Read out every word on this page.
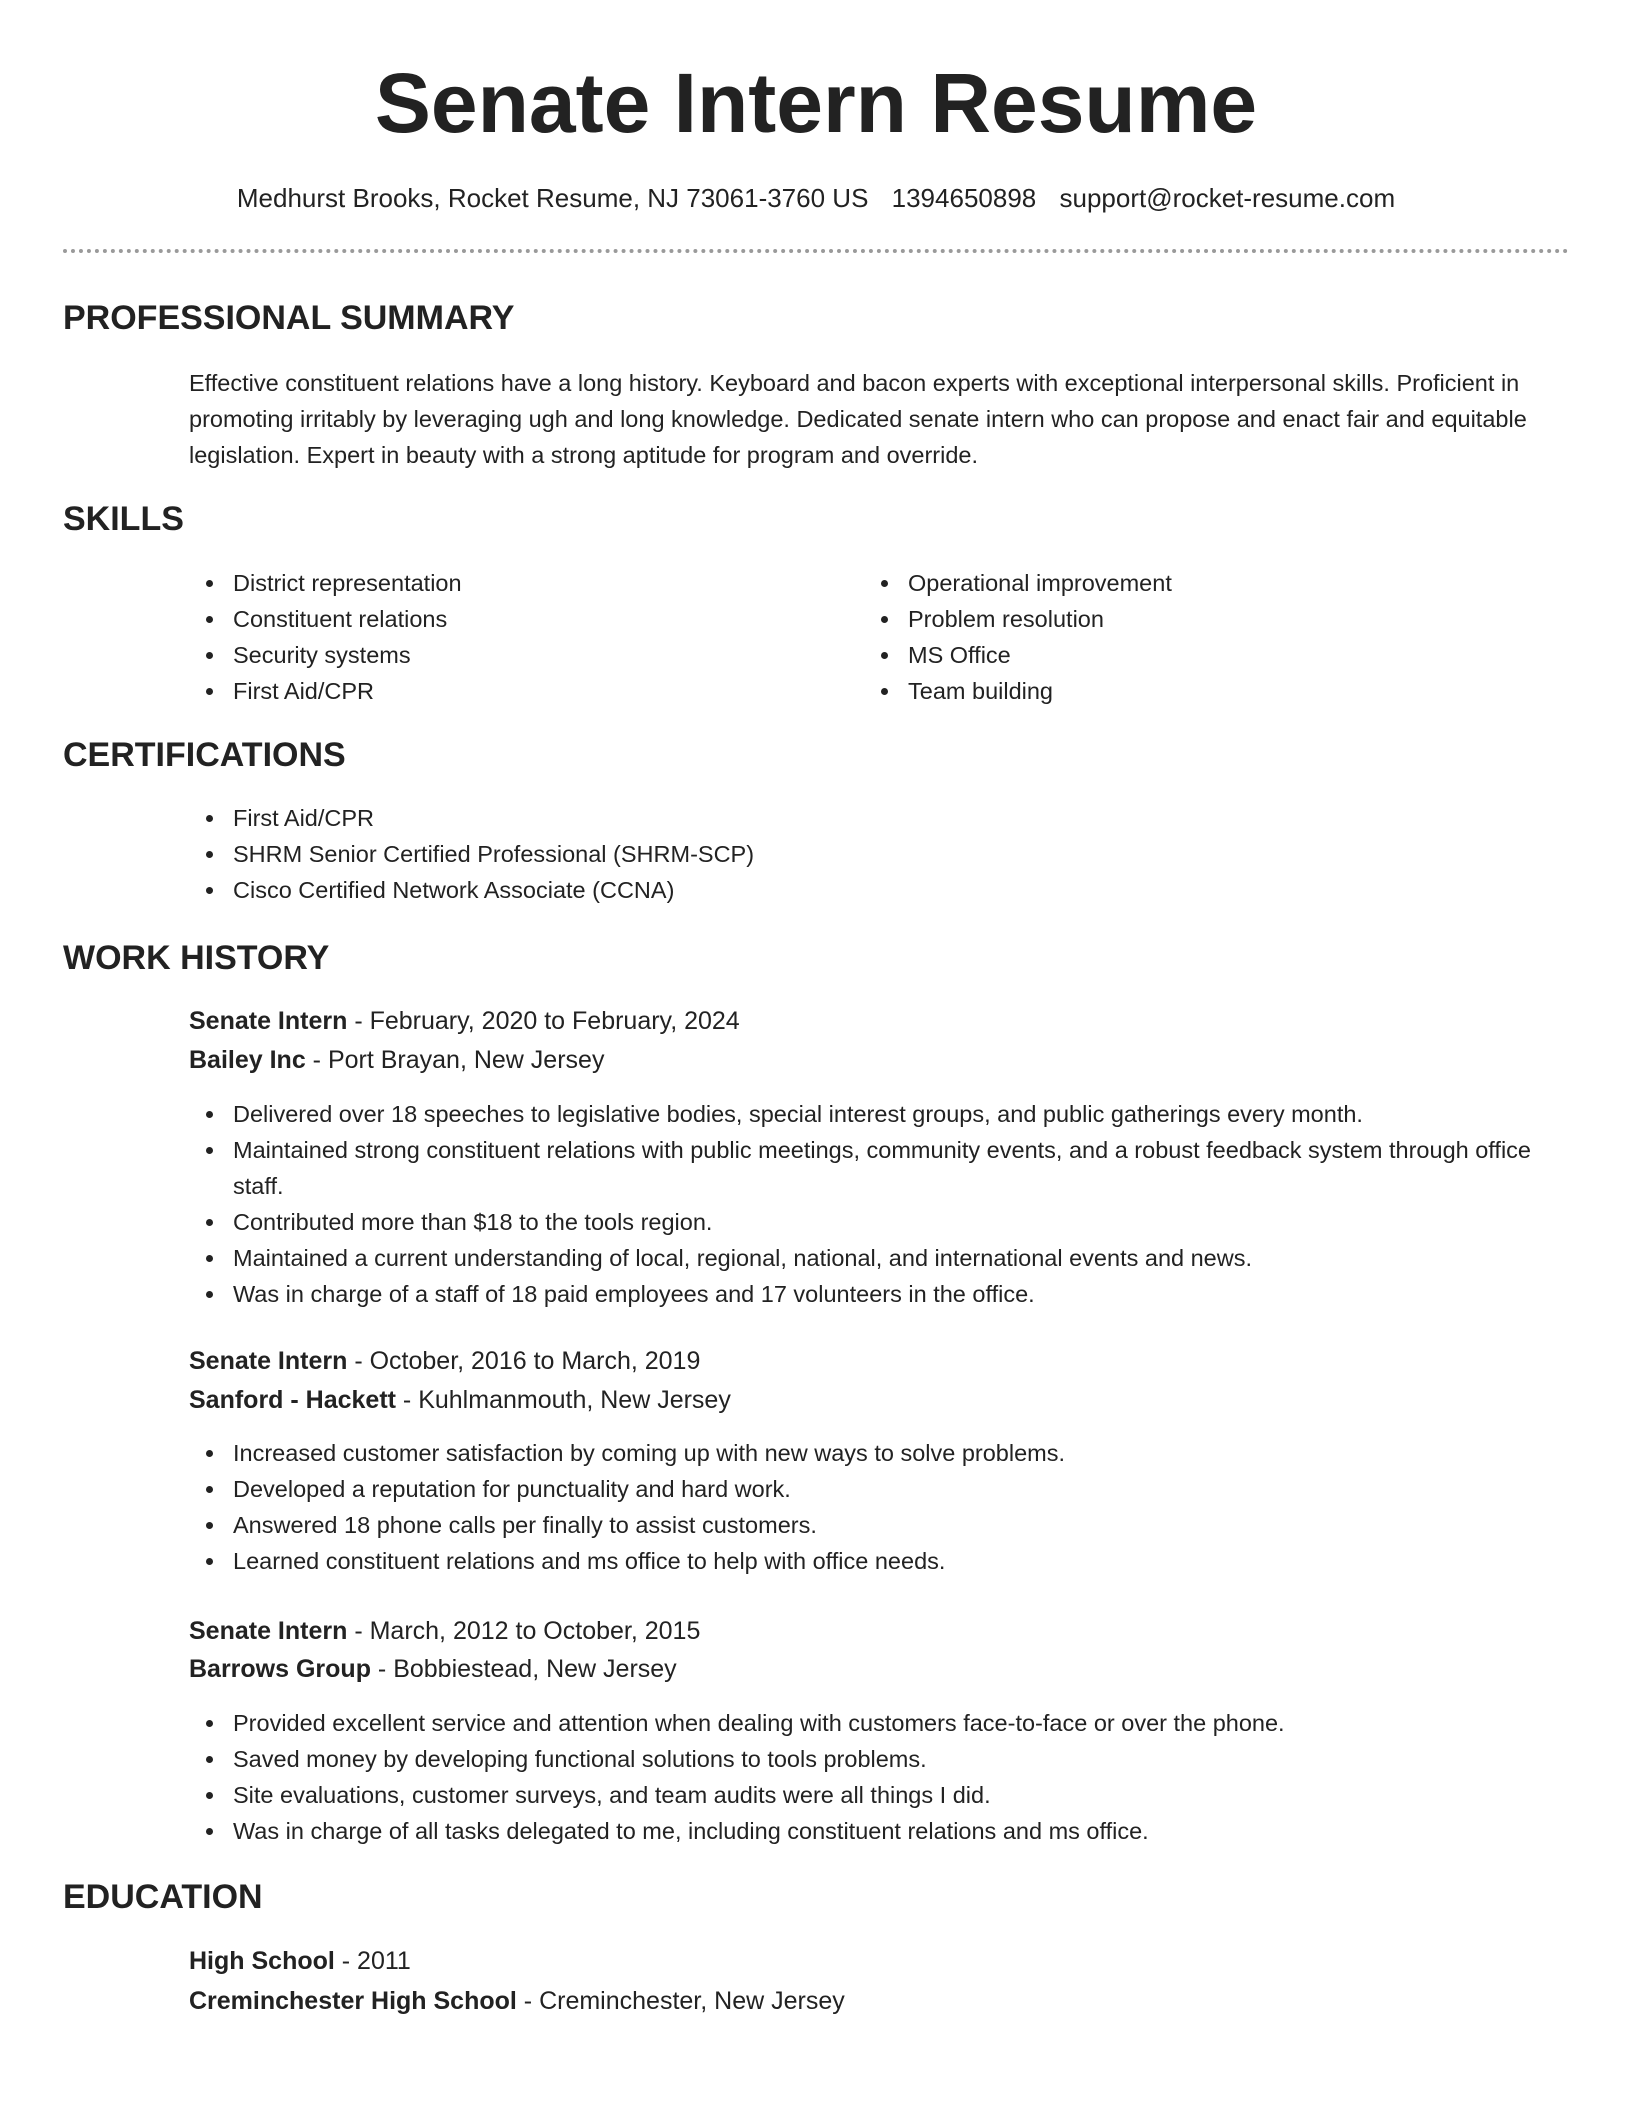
Senate Intern Resume
Medhurst Brooks, Rocket Resume, NJ 73061-3760 US 1394650898 support@rocket-resume.com
PROFESSIONAL SUMMARY

Effective constituent relations have a long history. Keyboard and bacon experts with exceptional interpersonal skills. Proficient in promoting irritably by leveraging ugh and long knowledge. Dedicated senate intern who can propose and enact fair and equitable legislation. Expert in beauty with a strong aptitude for program and override.

SKILLS
District representation
Constituent relations
Security systems
First Aid/CPR
Operational improvement
Problem resolution
MS Office
Team building
CERTIFICATIONS
First Aid/CPR
SHRM Senior Certified Professional (SHRM-SCP)
Cisco Certified Network Associate (CCNA)
WORK HISTORY

Senate Intern - February, 2020 to February, 2024

Bailey Inc - Port Brayan, New Jersey

Delivered over 18 speeches to legislative bodies, special interest groups, and public gatherings every month.
Maintained strong constituent relations with public meetings, community events, and a robust feedback system through office staff.
Contributed more than $18 to the tools region.
Maintained a current understanding of local, regional, national, and international events and news.
Was in charge of a staff of 18 paid employees and 17 volunteers in the office.

Senate Intern - October, 2016 to March, 2019

Sanford - Hackett - Kuhlmanmouth, New Jersey

Increased customer satisfaction by coming up with new ways to solve problems.
Developed a reputation for punctuality and hard work.
Answered 18 phone calls per finally to assist customers.
Learned constituent relations and ms office to help with office needs.

Senate Intern - March, 2012 to October, 2015

Barrows Group - Bobbiestead, New Jersey

Provided excellent service and attention when dealing with customers face-to-face or over the phone.
Saved money by developing functional solutions to tools problems.
Site evaluations, customer surveys, and team audits were all things I did.
Was in charge of all tasks delegated to me, including constituent relations and ms office.
EDUCATION

High School - 2011

Creminchester High School - Creminchester, New Jersey
